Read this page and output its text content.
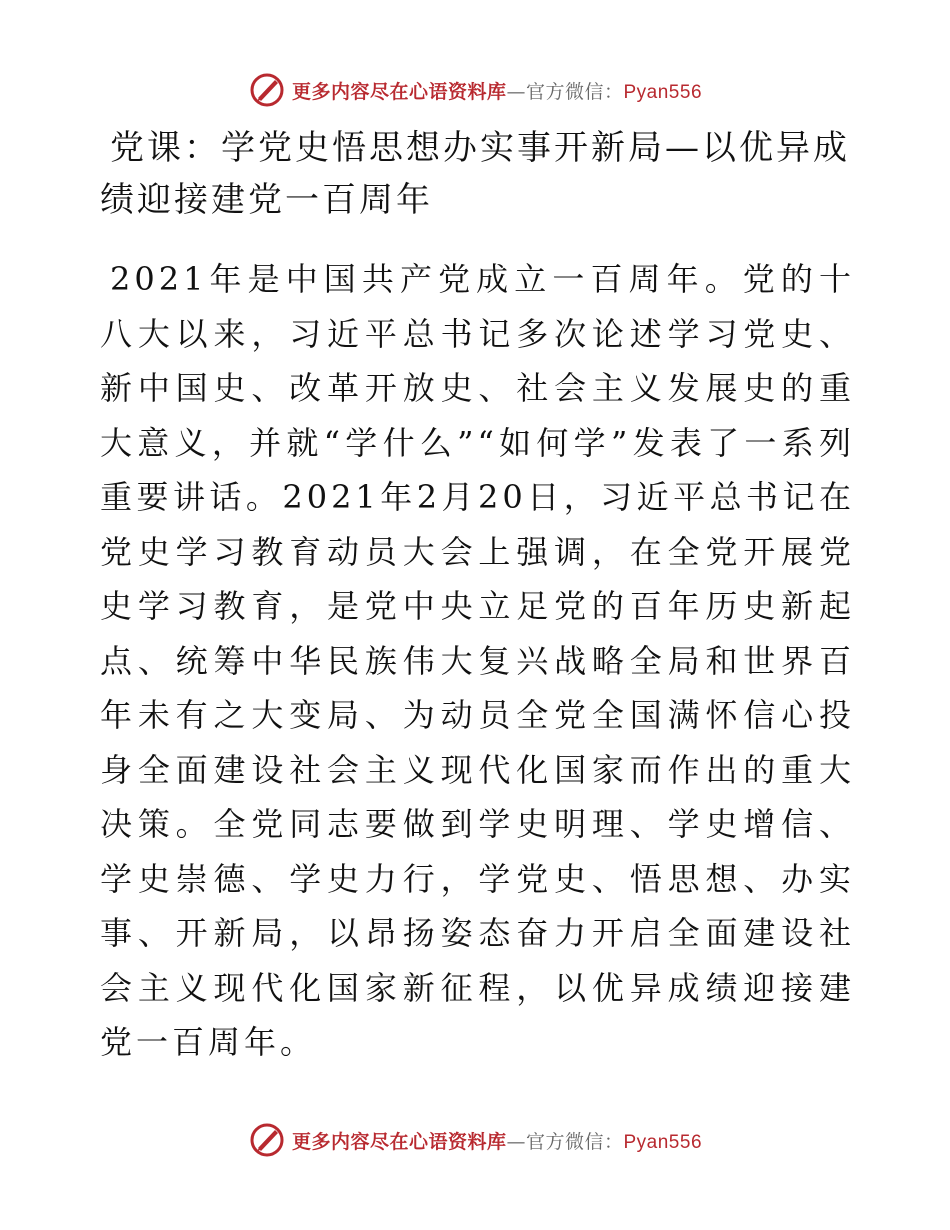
更多内容尽在心语资料库—官方微信：Pyan556
党课：学党史悟思想办实事开新局—以优异成绩迎接建党一百周年

2021年是中国共产党成立一百周年。党的十八大以来，习近平总书记多次论述学习党史、新中国史、改革开放史、社会主义发展史的重大意义，并就“学什么”“如何学”发表了一系列重要讲话。2021年2月20日，习近平总书记在党史学习教育动员大会上强调，在全党开展党史学习教育，是党中央立足党的百年历史新起点、统筹中华民族伟大复兴战略全局和世界百年未有之大变局、为动员全党全国满怀信心投身全面建设社会主义现代化国家而作出的重大决策。全党同志要做到学史明理、学史增信、学史崇德、学史力行，学党史、悟思想、办实事、开新局，以昂扬姿态奋力开启全面建设社会主义现代化国家新征程，以优异成绩迎接建党一百周年。

更多内容尽在心语资料库—官方微信：Pyan556
